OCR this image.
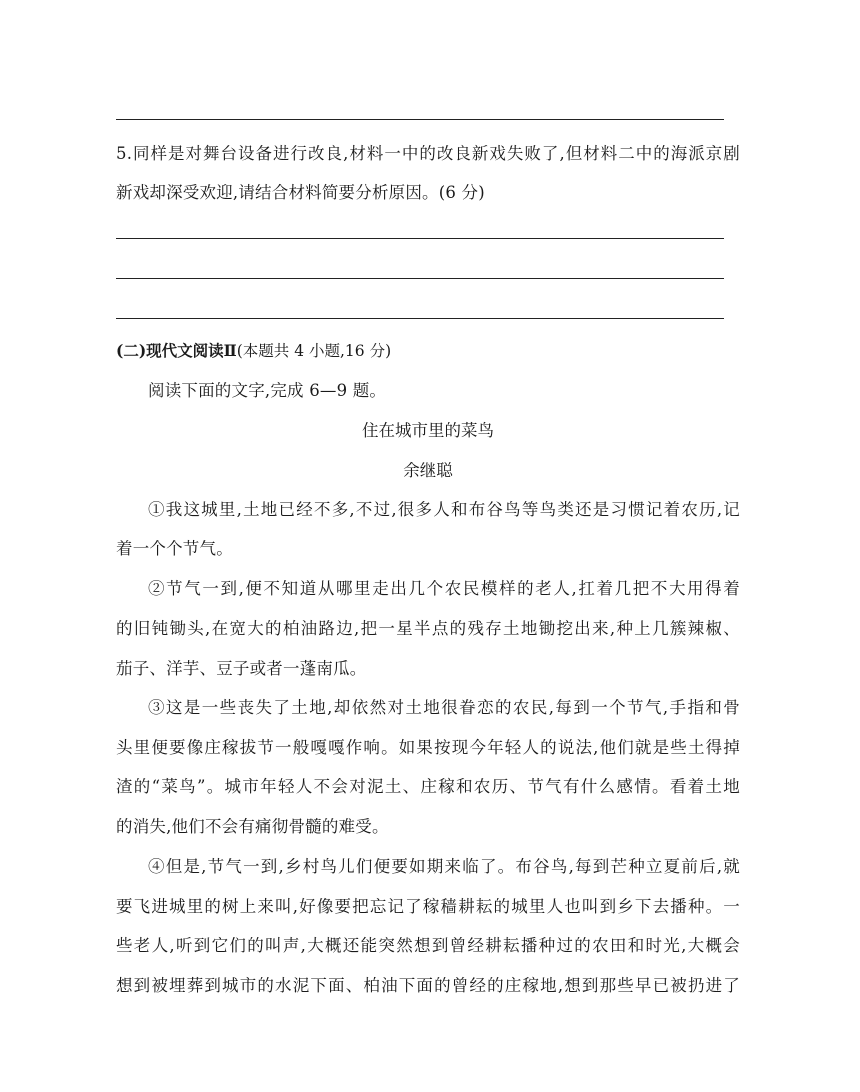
5.同样是对舞台设备进行改良,材料一中的改良新戏失败了,但材料二中的海派京剧
新戏却深受欢迎,请结合材料简要分析原因。(6 分)
(二)现代文阅读Ⅱ(本题共 4 小题,16 分)
阅读下面的文字,完成 6—9 题。
住在城市里的菜鸟
余继聪
①我这城里,土地已经不多,不过,很多人和布谷鸟等鸟类还是习惯记着农历,记
着一个个节气。
②节气一到,便不知道从哪里走出几个农民模样的老人,扛着几把不大用得着
的旧钝锄头,在宽大的柏油路边,把一星半点的残存土地锄挖出来,种上几簇辣椒、
茄子、洋芋、豆子或者一蓬南瓜。
③这是一些丧失了土地,却依然对土地很眷恋的农民,每到一个节气,手指和骨
头里便要像庄稼拔节一般嘎嘎作响。如果按现今年轻人的说法,他们就是些土得掉
渣的“菜鸟”。城市年轻人不会对泥土、庄稼和农历、节气有什么感情。看着土地
的消失,他们不会有痛彻骨髓的难受。
④但是,节气一到,乡村鸟儿们便要如期来临了。布谷鸟,每到芒种立夏前后,就
要飞进城里的树上来叫,好像要把忘记了稼穑耕耘的城里人也叫到乡下去播种。一
些老人,听到它们的叫声,大概还能突然想到曾经耕耘播种过的农田和时光,大概会
想到被埋葬到城市的水泥下面、柏油下面的曾经的庄稼地,想到那些早已被扔进了
